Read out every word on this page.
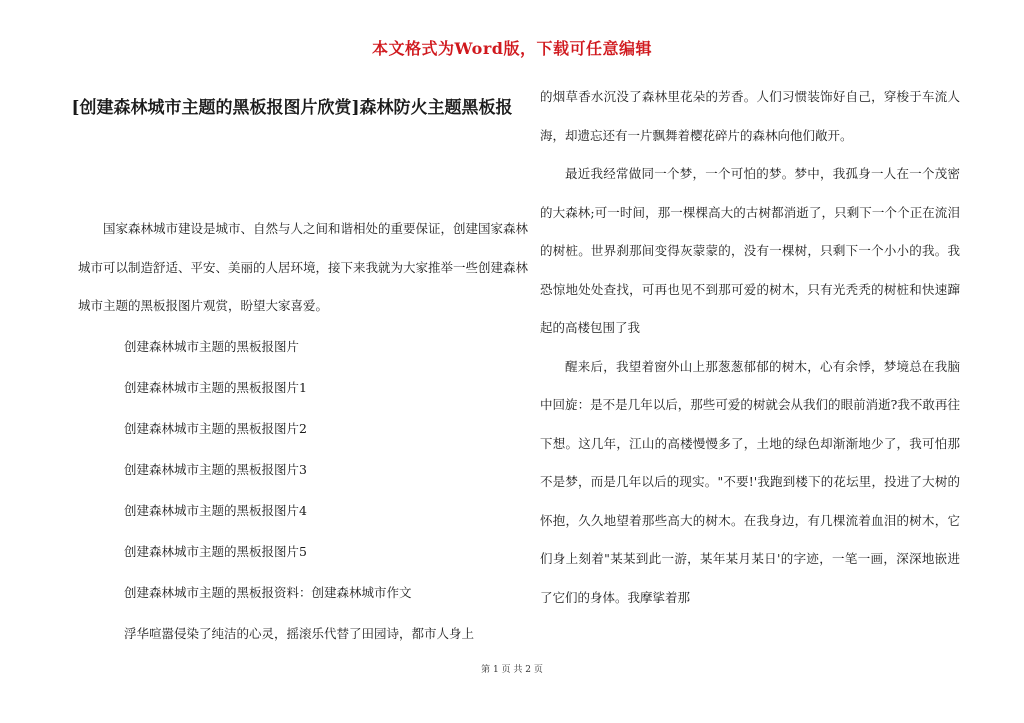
本文格式为Word版，下载可任意编辑
[创建森林城市主题的黑板报图片欣赏]森林防火主题黑板报

国家森林城市建设是城市、自然与人之间和谐相处的重要保证，创建国家森林城市可以制造舒适、平安、美丽的人居环境，接下来我就为大家推举一些创建森林城市主题的黑板报图片观赏，盼望大家喜爱。

创建森林城市主题的黑板报图片

创建森林城市主题的黑板报图片1

创建森林城市主题的黑板报图片2

创建森林城市主题的黑板报图片3

创建森林城市主题的黑板报图片4

创建森林城市主题的黑板报图片5

创建森林城市主题的黑板报资料：创建森林城市作文

浮华喧嚣侵染了纯洁的心灵，摇滚乐代替了田园诗，都市人身上

的烟草香水沉没了森林里花朵的芳香。人们习惯装饰好自己，穿梭于车流人海，却遗忘还有一片飘舞着樱花碎片的森林向他们敞开。

最近我经常做同一个梦，一个可怕的梦。梦中，我孤身一人在一个茂密的大森林;可一时间，那一棵棵高大的古树都消逝了，只剩下一个个正在流泪的树桩。世界刹那间变得灰蒙蒙的，没有一棵树，只剩下一个小小的我。我恐惊地处处查找，可再也见不到那可爱的树木，只有光秃秃的树桩和快速蹿起的高楼包围了我

醒来后，我望着窗外山上那葱葱郁郁的树木，心有余悸，梦境总在我脑中回旋：是不是几年以后，那些可爱的树就会从我们的眼前消逝?我不敢再往下想。这几年，江山的高楼慢慢多了，土地的绿色却渐渐地少了，我可怕那不是梦，而是几年以后的现实。"不要!'我跑到楼下的花坛里，投进了大树的怀抱，久久地望着那些高大的树木。在我身边，有几棵流着血泪的树木，它们身上刻着"某某到此一游，某年某月某日'的字迹，一笔一画，深深地嵌进了它们的身体。我摩挲着那

第 1 页 共 2 页
